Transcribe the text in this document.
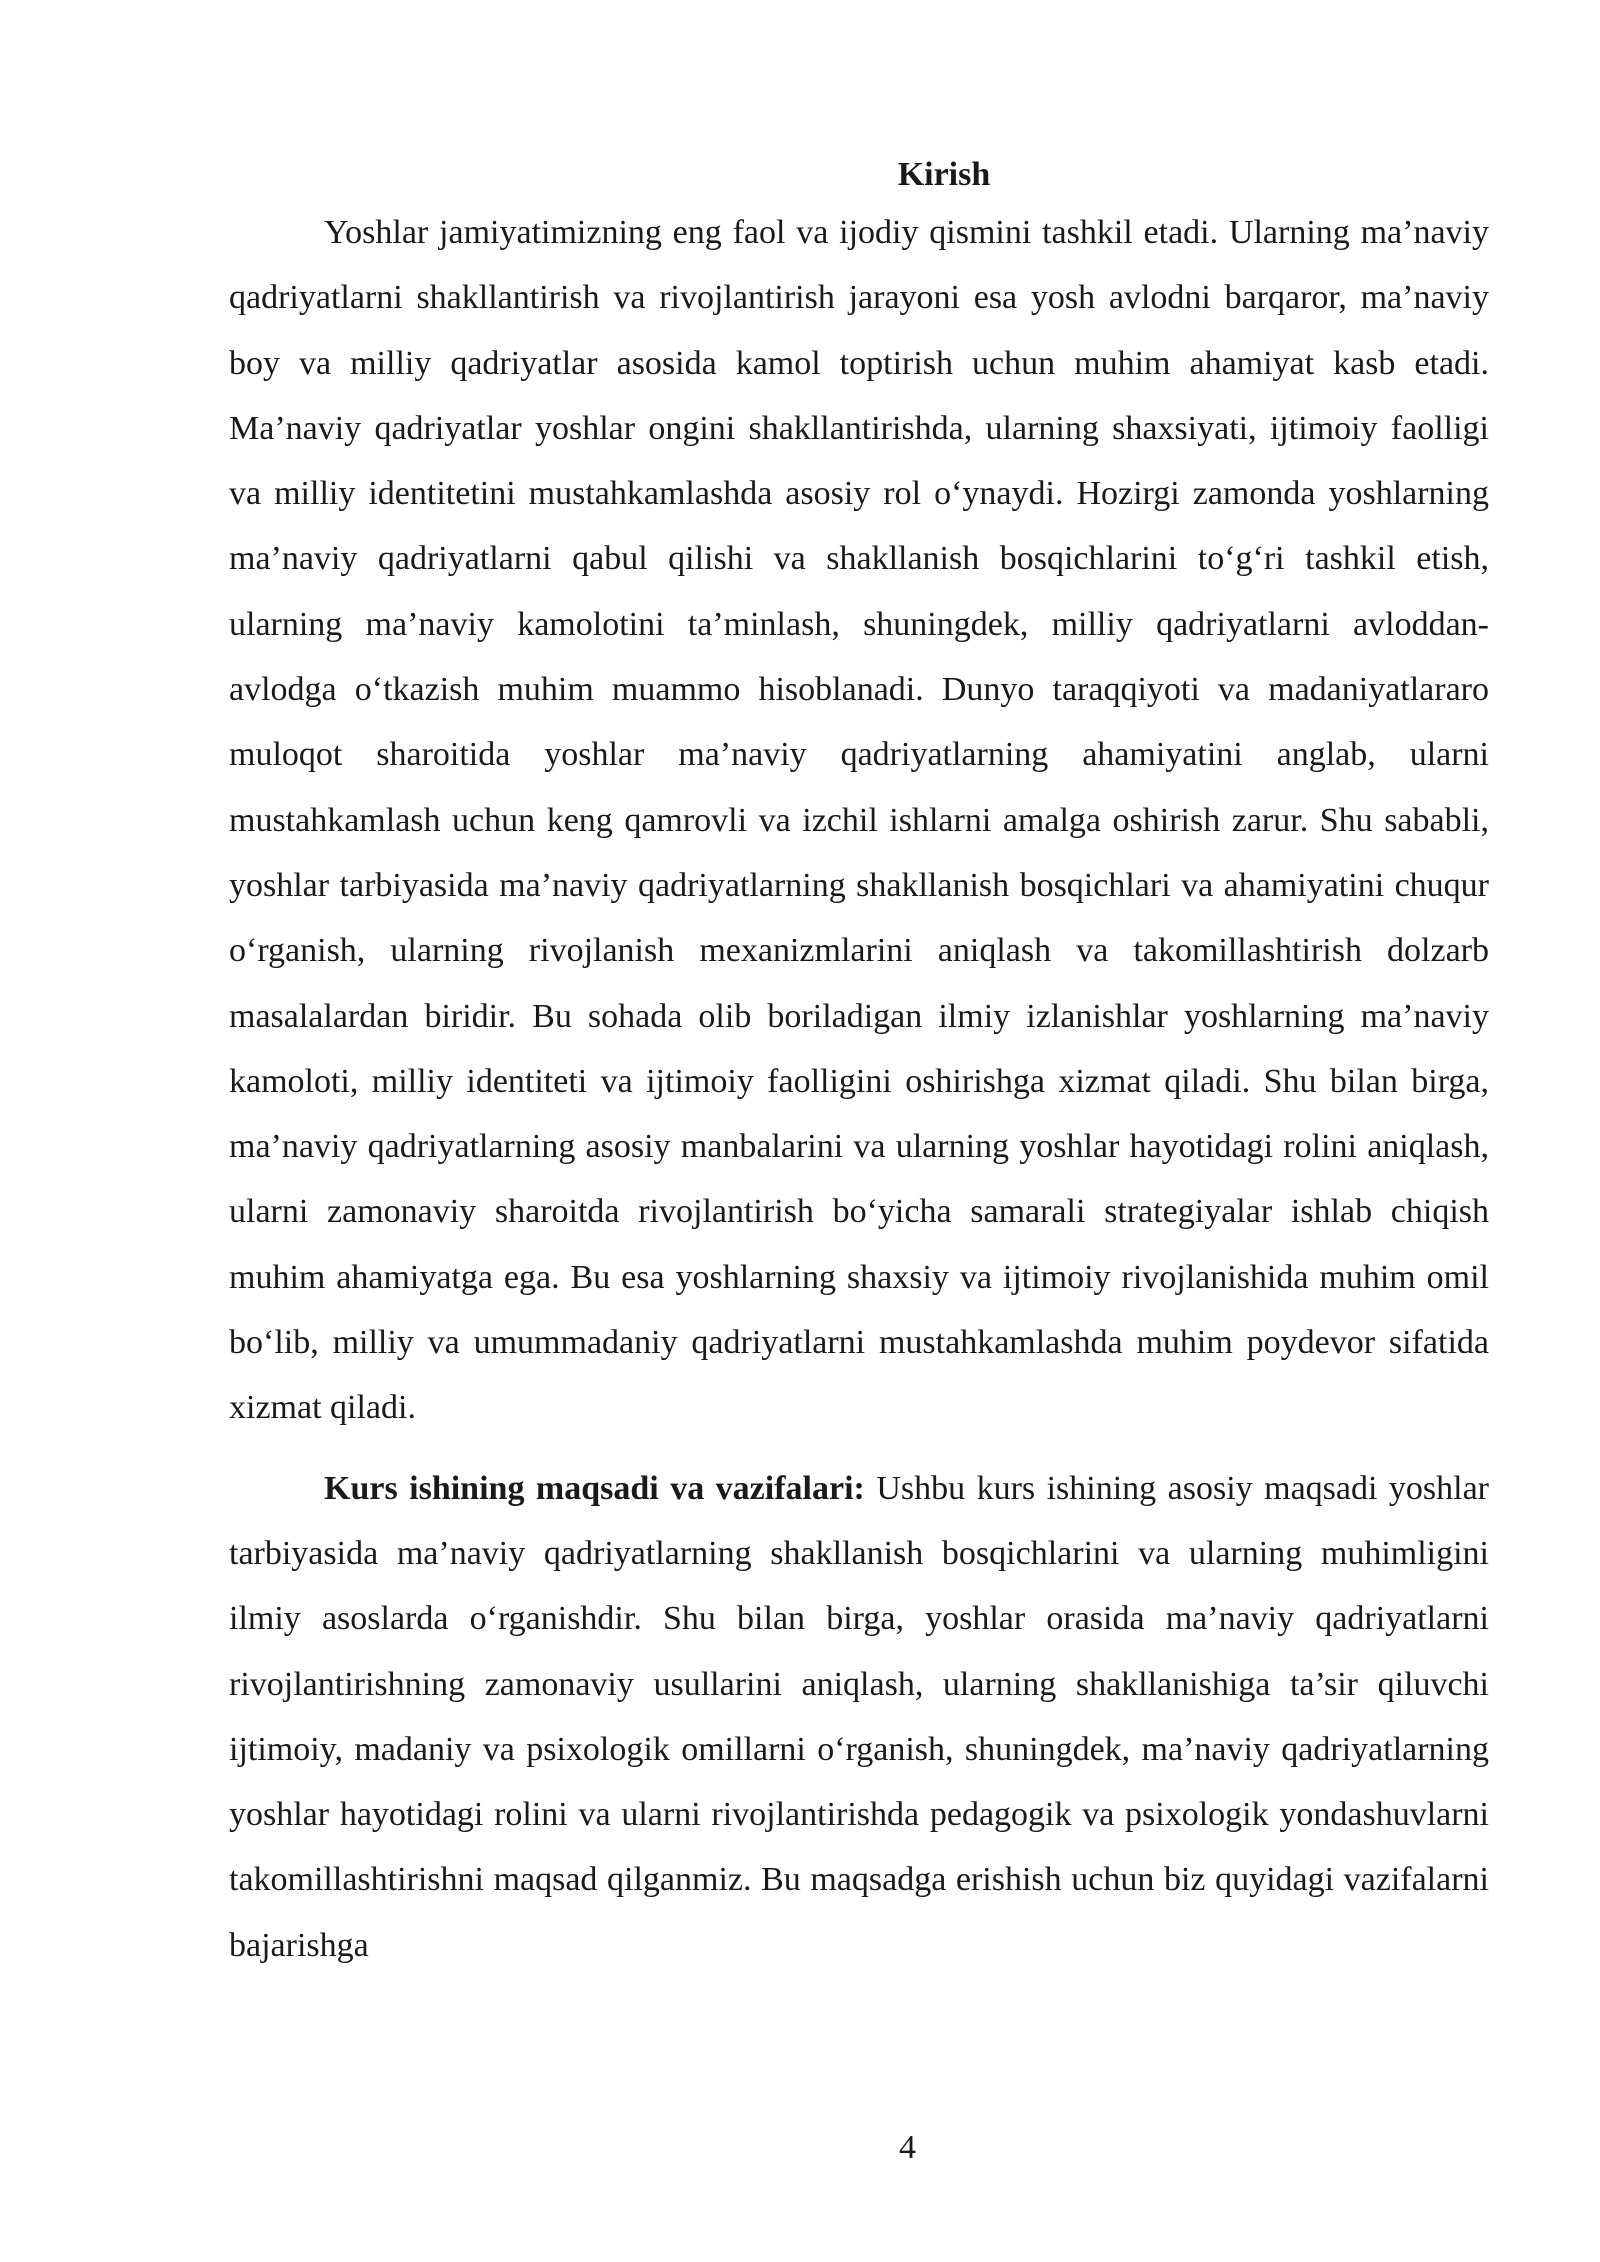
Kirish

Yoshlar jamiyatimizning eng faol va ijodiy qismini tashkil etadi. Ularning ma’naviy qadriyatlarni shakllantirish va rivojlantirish jarayoni esa yosh avlodni barqaror, ma’naviy boy va milliy qadriyatlar asosida kamol toptirish uchun muhim ahamiyat kasb etadi. Ma’naviy qadriyatlar yoshlar ongini shakllantirishda, ularning shaxsiyati, ijtimoiy faolligi va milliy identitetini mustahkamlashda asosiy rol o‘ynaydi. Hozirgi zamonda yoshlarning ma’naviy qadriyatlarni qabul qilishi va shakllanish bosqichlarini to‘g‘ri tashkil etish, ularning ma’naviy kamolotini ta’minlash, shuningdek, milliy qadriyatlarni avloddan-avlodga o‘tkazish muhim muammo hisoblanadi. Dunyo taraqqiyoti va madaniyatlararo muloqot sharoitida yoshlar ma’naviy qadriyatlarning ahamiyatini anglab, ularni mustahkamlash uchun keng qamrovli va izchil ishlarni amalga oshirish zarur. Shu sababli, yoshlar tarbiyasida ma’naviy qadriyatlarning shakllanish bosqichlari va ahamiyatini chuqur o‘rganish, ularning rivojlanish mexanizmlarini aniqlash va takomillashtirish dolzarb masalalardan biridir. Bu sohada olib boriladigan ilmiy izlanishlar yoshlarning ma’naviy kamoloti, milliy identiteti va ijtimoiy faolligini oshirishga xizmat qiladi. Shu bilan birga, ma’naviy qadriyatlarning asosiy manbalarini va ularning yoshlar hayotidagi rolini aniqlash, ularni zamonaviy sharoitda rivojlantirish bo‘yicha samarali strategiyalar ishlab chiqish muhim ahamiyatga ega. Bu esa yoshlarning shaxsiy va ijtimoiy rivojlanishida muhim omil bo‘lib, milliy va umummadaniy qadriyatlarni mustahkamlashda muhim poydevor sifatida xizmat qiladi.

Kurs ishining maqsadi va vazifalari: Ushbu kurs ishining asosiy maqsadi yoshlar tarbiyasida ma’naviy qadriyatlarning shakllanish bosqichlarini va ularning muhimligini ilmiy asoslarda o‘rganishdir. Shu bilan birga, yoshlar orasida ma’naviy qadriyatlarni rivojlantirishning zamonaviy usullarini aniqlash, ularning shakllanishiga ta’sir qiluvchi ijtimoiy, madaniy va psixologik omillarni o‘rganish, shuningdek, ma’naviy qadriyatlarning yoshlar hayotidagi rolini va ularni rivojlantirishda pedagogik va psixologik yondashuvlarni takomillashtirishni maqsad qilganmiz. Bu maqsadga erishish uchun biz quyidagi vazifalarni bajarishga

4
